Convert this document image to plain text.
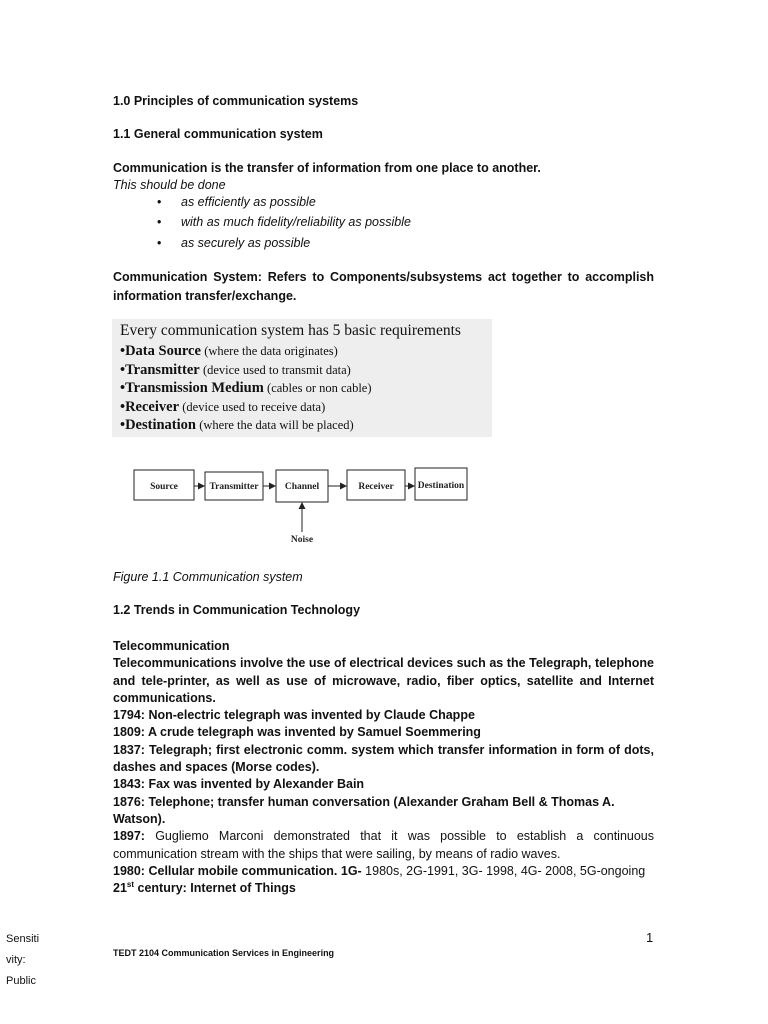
1.0 Principles of communication systems
1.1 General communication system
Communication is the transfer of information from one place to another.
This should be done
• as efficiently as possible
• with as much fidelity/reliability as possible
• as securely as possible
Communication System: Refers to Components/subsystems act together to accomplish information transfer/exchange.
Every communication system has 5 basic requirements
•Data Source (where the data originates)
•Transmitter (device used to transmit data)
•Transmission Medium (cables or non cable)
•Receiver (device used to receive data)
•Destination (where the data will be placed)
Source	Transmitter	Channel	Receiver	Destination
Noise
Figure 1.1 Communication system
1.2 Trends in Communication Technology

Telecommunication

Telecommunications involve the use of electrical devices such as the Telegraph, telephone and tele-printer, as well as use of microwave, radio, fiber optics, satellite and Internet communications.

1794: Non-electric telegraph was invented by Claude Chappe

1809: A crude telegraph was invented by Samuel Soemmering

1837: Telegraph; first electronic comm. system which transfer information in form of dots, dashes and spaces (Morse codes).

1843: Fax was invented by Alexander Bain

1876: Telephone; transfer human conversation (Alexander Graham Bell & Thomas A. Watson).

1897: Gugliemo Marconi demonstrated that it was possible to establish a continuous communication stream with the ships that were sailing, by means of radio waves.

1980: Cellular mobile communication. 1G- 1980s, 2G-1991, 3G- 1998, 4G- 2008, 5G-ongoing

21st century: Internet of Things

1
TEDT 2104 Communication Services in Engineering
Sensiti
vity:
Public
